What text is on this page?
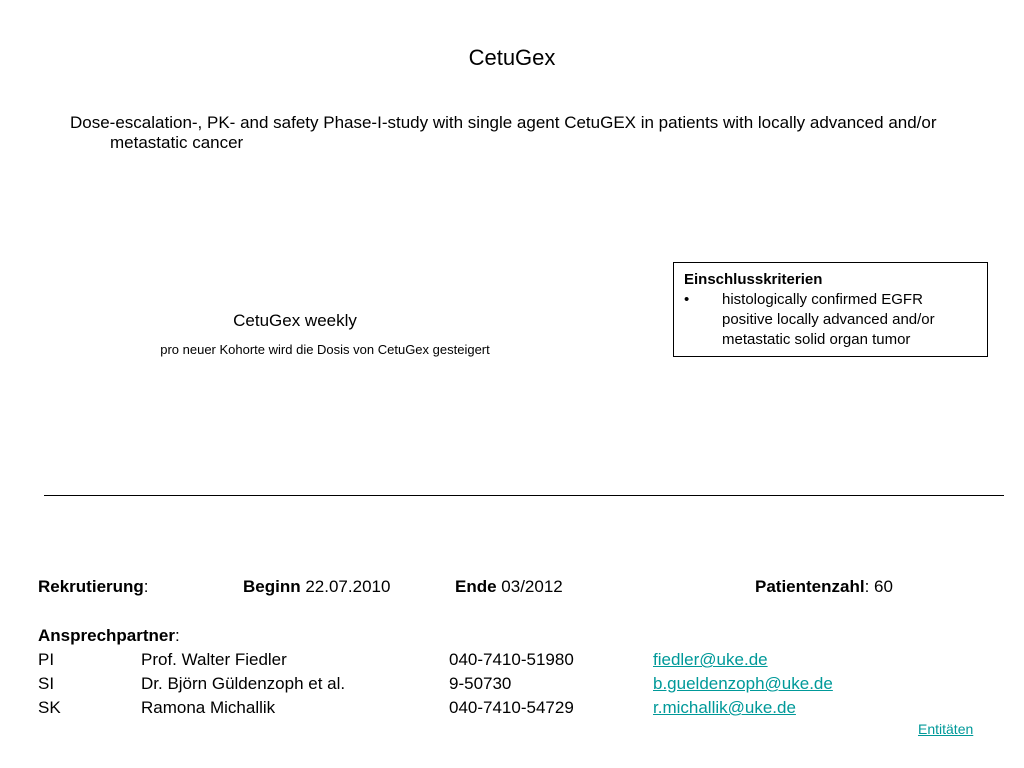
CetuGex
Dose-escalation-, PK- and safety Phase-I-study with single agent CetuGEX in patients with locally advanced and/or metastatic cancer
CetuGex weekly
pro neuer Kohorte wird die Dosis von CetuGex gesteigert
Einschlusskriterien
•	histologically confirmed EGFR positive locally advanced and/or metastatic solid organ tumor
Rekrutierung:	Beginn 22.07.2010	Ende 03/2012	Patientenzahl: 60
Ansprechpartner:
PI	Prof. Walter Fiedler	040-7410-51980	fiedler@uke.de
SI	Dr. Björn Güldenzoph et al.	9-50730	b.gueldenzoph@uke.de
SK	Ramona Michallik	040-7410-54729	r.michallik@uke.de
Entitäten
